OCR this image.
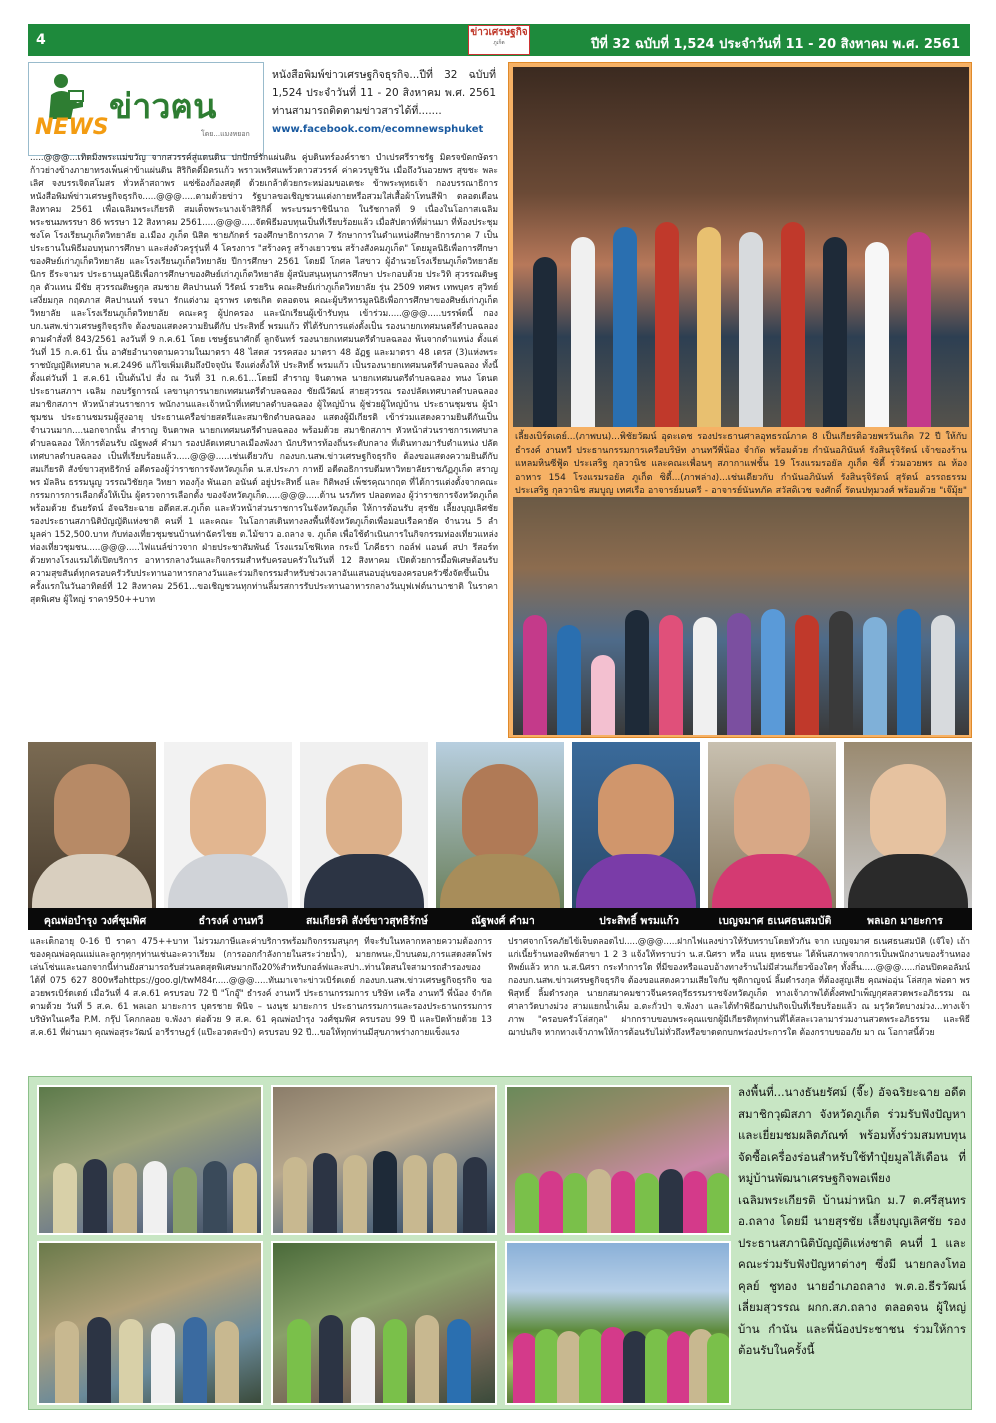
4	ข่าวเศรษฐกิจ
ภูเก็ต	ปีที่ 32 ฉบับที่ 1,524 ประจำวันที่ 11 - 20 สิงหาคม พ.ศ. 2561
NEWS
ข่าวฅน
โดย...แมงหยอก
หนังสือพิมพ์ข่าวเศรษฐกิจธุรกิจ...ปีที่ 32 ฉบับที่ 1,524 ประจำวันที่ 11 - 20 สิงหาคม พ.ศ. 2561 ท่านสามารถติดตามข่าวสารได้ที่.......
www.facebook.com/ecomnewsphuket
.....@@@...เทิดมิ่งพระแม่ขวัญ จากสวรรค์สู่แดนดิน ปกปักษ์รักแผ่นดิน คู่บดินทร์องค์ราชา บำเปรศรีราชรัฐ มิตรจขัตกษัตรา ก้าวย่างข้างภายาทรงเพ็นค่าข้าแผ่นดิน สิริกิตติ์มิตรแก้ว พราวเพริศแพร้วดาวสวรรค์ ค่าควรบูชิวัน เมื่อถึงวันอวยพร สุขชะ พละเลิศ จงบรรเจิดสโมสร ทั่วหล้าสถาพร แซ่ซ้องก้องสดุดี ด้วยเกล้าด้วยกระหม่อมขอเดชะ ข้าพระพุทธเจ้า กองบรรณาธิการหนังสือพิมพ์ข่าวเศรษฐกิจธุรกิจ.....@@@.....ตามด้วยข่าว รัฐบาลขอเชิญชวนแต่งกายหรือสวมใส่เสื้อผ้าโทนสีฟ้า ตลอดเดือนสิงหาคม 2561 เพื่อเฉลิมพระเกียรติ สมเด็จพระนางเจ้าสิริกิติ์ พระบรมราชินีนาถ ในรัชกาลที่ 9 เนื่องในโอกาสเฉลิมพระชนมพรรษา 86 พรรษา 12 สิงหาคม 2561.....@@@.....จัดพิธีมอบทุนเป็นที่เรียบร้อยแล้ว เมื่อสัปดาห์ที่ผ่านมา ที่ห้องประชุมชงโค โรงเรียนภูเก็ตวิทยาลัย อ.เมือง ภูเก็ต นิสิต ชายภักดร์ รองศึกษาธิการภาค 7 รักษาการในตำแหน่งศึกษาธิการภาค 7 เป็นประธานในพิธีมอบทุนการศึกษา และส่งตัวครูรุ่นที่ 4 โครงการ "สร้างครู สร้างเยาวชน สร้างสังคมภูเก็ต" โดยมูลนิธิเพื่อการศึกษาของศิษย์เก่าภูเก็ตวิทยาลัย และโรงเรียนภูเก็ตวิทยาลัย ปีการศึกษา 2561 โดยมี โกศล ไสขาว ผู้อำนวยโรงเรียนภูเก็ตวิทยาลัย นิกร ธีระจามร ประธานมูลนิธิเพื่อการศึกษาของศิษย์เก่าภูเก็ตวิทยาลัย ผู้สนับสนุนทุนการศึกษา ประกอบด้วย ประวิทิ สุวรรณดิษฐกุล ตัวแทน มีชัย สุวรรณดิษฐกุล สมชาย ศิลปานนท์ วิรัตน์ รวยริน คณะศิษย์เก่าภูเก็ตวิทยาลัย รุ่น 2509 ทศพร เทพบุตร สุวิทย์ เสงี่ยมกุล กฤตภาส ศิลปานนท์ รจนา รักแต่งาม อุราพร เดชเกิด ตลอดจน คณะผู้บริหารมูลนิธิเพื่อการศึกษาของศิษย์เก่าภูเก็ตวิทยาลัย และโรงเรียนภูเก็ตวิทยาลัย คณะครู ผู้ปกครอง และนักเรียนผู้เข้ารับทุน เข้าร่วม.....@@@.....บรรพ์ดนี้ กองบก.นสพ.ข่าวเศรษฐกิจธุรกิจ ต้องขอแสดงความยินดีกับ ประสิทธิ์ พรมแก้ว ที่ได้รับการแต่งตั้งเป็น รองนายกเทศมนตรีตำบลฉลอง ตามคำสั่งที่ 843/2561 ลงวันที่ 9 ก.ค.61 โดย เชษฐ์ธนาศักดิ์ ลูกจันทร์ รองนายกเทศมนตรีตำบลฉลอง พ้นจากตำแหน่ง ตั้งแต่วันที่ 15 ก.ค.61 นั้น อาศัยอำนาจตามความในมาตรา 48 ไสตส วรรคสอง มาตรา 48 อัฏฐ และมาตรา 48 เตรส (3)แห่งพระราชบัญญัติเทศบาล พ.ศ.2496 แก้ไขเพิ่มเติมถึงปัจจุบัน จึงแต่งตั้งให้ ประสิทธิ์ พรมแก้ว เป็นรองนายกเทศมนตรีตำบลฉลอง ทั้งนี้ตั้งแต่วันที่ 1 ส.ค.61 เป็นต้นไป สั่ง ณ วันที่ 31 ก.ค.61...โดยมี สำราญ จินดาพล นายกเทศมนตรีตำบลฉลอง ทนง โดนด ประธานสภาฯ เฉลิม กอบรัฐการณ์ เลขานุการนายกเทศมนตรีตำบลฉลอง ชัยณีวัฒน์ สายสุวรรณ รองปลัดเทศบาลตำบลฉลอง สมาชิกสภาฯ หัวหน้าส่วนราชการ พนักงานและเจ้าหน้าที่เทศบาลตำบลฉลอง ผู้ใหญ่บ้าน ผู้ช่วยผู้ใหญ่บ้าน ประธานชุมชน ผู้นำชุมชน ประธานชมรมผู้สูงอายุ ประธานเครือข่ายสตรีและสมาชิกตำบลฉลอง แสดงผู้มีเกียรติ เข้าร่วมแสดงความยินดีกันเป็นจำนวนมาก....นอกจากนั้น สำราญ จินดาพล นายกเทศมนตรีตำบลฉลอง พร้อมด้วย สมาชิกสภาฯ หัวหน้าส่วนราชการเทศบาลตำบลฉลอง ให้การต้อนรับ ณัฐพงศ์ คำมา รองปลัดเทศบาลเมืองพังงา นักบริหารท้องถิ่นระดับกลาง ที่เดินทางมารับตำแหน่ง ปลัดเทศบาลตำบลฉลอง เป็นที่เรียบร้อยแล้ว.....@@@.....เช่นเดียวกับ กองบก.นสพ.ข่าวเศรษฐกิจธุรกิจ ต้องขอแสดงความยินดีกับ สมเกียรติ สังข์ขาวสุทธิรักษ์ อดีตรองผู้ว่าราชการจังหวัดภูเก็ต น.ส.ประภา กาหยี อดีตอธิการบดีมหาวิทยาลัยราชภัฏภูเก็ต สราญพร มัลลิน ธรรมนูญ วรรณวิชัยกุล วิทยา ทองกุ้ง พันเอก อนันต์ อยู่ประสิทธิ์ และ กิติพงษ์ เพ็ชรคุณากฤต ที่ได้การแต่งตั้งจากคณะกรรมการการเลือกตั้งให้เป็น ผู้ตรวจการเลือกตั้ง ของจังหวัดภูเก็ต.....@@@.....ด้าน นรภัทร ปลอดทอง ผู้ว่าราชการจังหวัดภูเก็ต พร้อมด้วย ธันยรัตน์ อัจฉริยะฉาย อดีตส.ส.ภูเก็ต และหัวหน้าส่วนราชการในจังหวัดภูเก็ต ให้การต้อนรับ สุรชัย เลี้ยงบุญเลิศชัย รองประธานสภานิติบัญญัติแห่งชาติ คนที่ 1 และคณะ ในโอกาสเดินทางลงพื้นที่จังหวัดภูเก็ตเพื่อมอบเรือคายัค จำนวน 5 ลำ มูลค่า 152,500.บาท กับท่องเที่ยวชุมชนบ้านท่าฉัตรไชย ต.ไม้ขาว อ.ถลาง จ. ภูเก็ต เพื่อใช้ดำเนินการในกิจกรรมท่องเที่ยวแหล่งท่องเที่ยวชุมชน.....@@@.....ไฟแนล์ข่าวจาก ฝ่ายประชาสัมพันธ์ โรงแรมโซฟิเทล กระบี่ โภคีธรา กอล์ฟ แอนด์ สปา รีสอร์ท ด้วยทางโรงแรมได้เปิดบริการ อาหารกลางวันและกิจกรรมสำหรับครอบครัวในวันที่ 12 สิงหาคม เปิดด้วยการมื้อพิเศษต้อนรับความสุขสันต์ทุกครอบครัวรับประทานอาหารกลางวันและร่วมกิจกรรมสำหรับช่วงเวลาอันแสนอบอุ่นของครอบครัวซึ่งจัดขึ้นเป็นครั้งแรกในวันอาทิตย์ที่ 12 สิงหาคม 2561...ขอเชิญชวนทุกท่านลิ้มรสการรับประทานอาหารกลางวันบุฟเฟต์นานาชาติ ในราคาสุดพิเศษ ผู้ใหญ่ ราคา950++บาท
เลี้ยงเบิร์ดเดย์...(ภาพบน)...พิชัยวัฒน์ อุดะเดช รองประธานศาลอุทธรณ์ภาค 8 เป็นเกียรติอวยพรวันเกิด 72 ปี ให้กับ ธำรงค์ งานทวี ประธานกรรมการเครือบริษัท งานทวีพี่น้อง จำกัด พร้อมด้วย กำนันอภินันท์ รังสินรุจิรัตน์ เจ้าของร้านแหลมหินซีฟู้ด ประเสริฐ กุลวานิช และคณะเพื่อนๆ สภากาแฟชั้น 19 โรงแรมรอยัล ภูเก็ต ซิตี้ ร่วมอวยพร ณ ห้องอาหาร 154 โรงแรมรอยัล ภูเก็ต ซิตี้...(ภาพล่าง)...เช่นเดียวกับ กำนันอภินันท์ รังสินรุจิรัตน์ สุรัตน์ อรรถธรรม ประเสริฐ กุลวานิช สมบูญ เทศเรือ อาจารย์มนตรี - อาจารย์นันทภัค สวัสดิเวช จงศักดิ์ รัตนปทุมวงศ์ พร้อมด้วย "เจ๊มุ้ย"
คุณพ่อบำรุง วงศ์ชุมพิศ	ธำรงค์ งานทวี	สมเกียรติ สังข์ขาวสุทธิรักษ์	ณัฐพงศ์ คำมา	ประสิทธิ์ พรมแก้ว	เบญจมาศ ธเนศธนสมบัติ	พลเอก มายะการ
และเด็กอายุ 0-16 ปี ราคา 475++บาท ไม่รวมภาษีและค่าบริการพร้อมกิจกรรมสนุกๆ ที่จะรับในหลากหลายความต้องการ ของคุณพ่อคุณแม่และลูกๆทุกๆท่านเช่นอะควาเรียม (การออกกำลังกายในสระว่ายน้ำ), มายกพนะ,ป้าบนตม,การแสดงสดโฟรเล่นโซ่นและนอกจากนี้ท่านยังสามารถรับส่วนลดสุดพิเศษมากถึง20%สำหรับกอล์ฟและสปา..ท่านใดสนใจสามารถสำรองของได้ที่ 075 627 800หรือhttps://goo.gl/twM84r.....@@@.....ทันมาเจาะข่าวเบิร์ดเดย์ กองบก.นสพ.ข่าวเศรษฐกิจธุรกิจ ขออวยพรเบิร์ดเดย์ เมื่อวันที่ 4 ส.ค.61 ครบรอบ 72 ปี "โกอู๊" ธำรงค์ งานทวี ประธานกรรมการ บริษัท เครือ งานทวี พี่น้อง จำกัด ตามด้วย วันที่ 5 ส.ค. 61 พลเอก มายะการ บุตรชาย พินิจ – นงนุช มายะการ ประธานกรรมการและรองประธานกรรมการ บริษัทในเครือ P.M. กรุ๊ป โคกกลอย จ.พังงา ต่อด้วย 9 ส.ค. 61 คุณพ่อบำรุง วงศ์ชุมพิศ ครบรอบ 99 ปี และปิดท้ายด้วย 13 ส.ค.61 ที่ผ่านมา คุณพ่อสุระวัฒน์ อารีราษฎร์ (แป๊ะอวดสะปำ) ครบรอบ 92 ปี...ขอให้ทุกท่านมีสุขภาพร่างกายแข็งแรง
ปราศจากโรคภัยไข้เจ็บตลอดไป.....@@@.....ฝากไฟแลงข่าวให้รับทราบโดยทั่วกัน จาก เบญจมาศ ธเนศธนสมบัติ (เจ๊ใจ) เถ้าแก่เนี้ยร้านทองทิพย์สาขา 1 2 3 แจ้งให้ทราบว่า น.ส.นิศรา หรือ แนน ยุทธชนะ ได้พ้นสภาพจากการเป็นพนักงานของร้านทองทิพย์แล้ว หาก น.ส.นิศรา กระทำการใด ที่มีของหรือแอบอ้างทางร้านไม่มีส่วนเกี่ยวข้องใดๆ ทั้งสิ้น.....@@@.....ก่อนปิดคอลัมน์กองบก.นสพ.ข่าวเศรษฐกิจธุรกิจ ต้องขอแสดงความเสียใจกับ ชุติกาญจน์ ลิ้มดำรงกุล ที่ต้องสูญเสีย คุณพ่ออุ่น โล่สกุล พ่อตา พรพิสุทธิ์ ลิ้มดำรงกุล นายกสมาคมชาวจีนครคฤรีธรรมราชจังหวัดภูเก็ต ทางเจ้าภาพได้ตั้งศพบำเพ็ญกุศลสวดพระอภิธรรม ณ ศาลาวัดบางม่วง สามแยกน้ำเค็ม อ.ตะกั่วป่า จ.พังงา และได้ทำพิธีฌาปนกิจเป็นที่เรียบร้อยแล้ว ณ มรุวัดวัดบางม่วง...ทางเจ้าภาพ "ครอบครัวโล่สกุล" ฝากกราบขอบพระคุณแขกผู้มีเกียรติทุกท่านที่ได้สละเวลามาร่วมงานสวดพระอภิธรรม และพิธีฌาปนกิจ หากทางเจ้าภาพให้การต้อนรับไม่ทั่วถึงหรือขาดตกบกพร่องประการใด ต้องกราบขออภัย มา ณ โอกาสนี้ด้วย
ลงพื้นที่...นางธันยรัศม์ (จี๊ะ) อัจฉริยะฉาย อดีตสมาชิกวุฒิสภา จังหวัดภูเก็ต ร่วมรับฟังปัญหาและเยี่ยมชมผลิตภัณฑ์ พร้อมทั้งร่วมสมทบทุนจัดซื้อเครื่องร่อนสำหรับใช้ทำปุ๋ยมูลไส้เดือน ที่หมู่บ้านพัฒนาเศรษฐกิจพอเพียงเฉลิมพระเกียรติ บ้านม่าหนิก ม.7 ต.ศรีสุนทร อ.ถลาง โดยมี นายสุรชัย เลี้ยงบุญเลิศชัย รองประธานสภานิติบัญญัติแห่งชาติ คนที่ 1 และคณะร่วมรับฟังปัญหาต่างๆ ซึ่งมี นายกลงโทอคุลย์ ชูทอง นายอำเภอถลาง พ.ต.อ.ธีรวัฒน์ เลี่ยมสุวรรณ ผกก.สภ.ถลาง ตลอดจน ผู้ใหญ่บ้าน กำนัน และพี่น้องประชาชน ร่วมให้การต้อนรับในครั้งนี้
